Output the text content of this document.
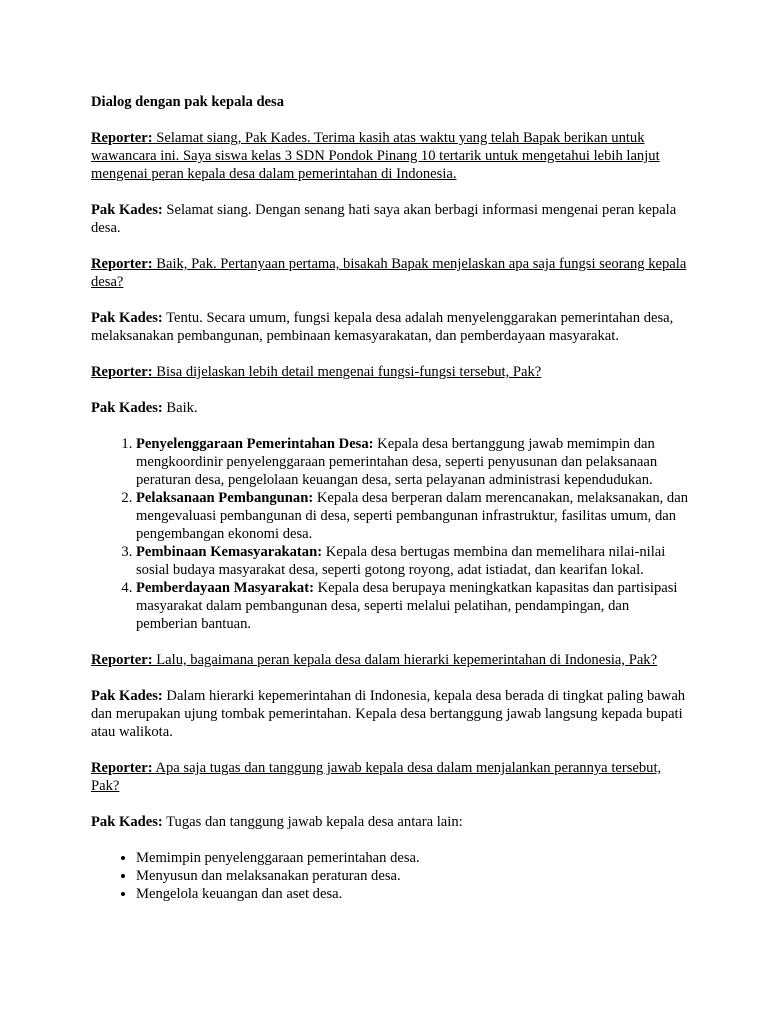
Dialog dengan pak kepala desa

Reporter: Selamat siang, Pak Kades. Terima kasih atas waktu yang telah Bapak berikan untuk wawancara ini. Saya siswa kelas 3 SDN Pondok Pinang 10 tertarik untuk mengetahui lebih lanjut mengenai peran kepala desa dalam pemerintahan di Indonesia.

Pak Kades: Selamat siang. Dengan senang hati saya akan berbagi informasi mengenai peran kepala desa.

Reporter: Baik, Pak. Pertanyaan pertama, bisakah Bapak menjelaskan apa saja fungsi seorang kepala desa?

Pak Kades: Tentu. Secara umum, fungsi kepala desa adalah menyelenggarakan pemerintahan desa, melaksanakan pembangunan, pembinaan kemasyarakatan, dan pemberdayaan masyarakat.

Reporter: Bisa dijelaskan lebih detail mengenai fungsi-fungsi tersebut, Pak?

Pak Kades: Baik.

1. Penyelenggaraan Pemerintahan Desa: Kepala desa bertanggung jawab memimpin dan mengkoordinir penyelenggaraan pemerintahan desa, seperti penyusunan dan pelaksanaan peraturan desa, pengelolaan keuangan desa, serta pelayanan administrasi kependudukan.
2. Pelaksanaan Pembangunan: Kepala desa berperan dalam merencanakan, melaksanakan, dan mengevaluasi pembangunan di desa, seperti pembangunan infrastruktur, fasilitas umum, dan pengembangan ekonomi desa.
3. Pembinaan Kemasyarakatan: Kepala desa bertugas membina dan memelihara nilai-nilai sosial budaya masyarakat desa, seperti gotong royong, adat istiadat, dan kearifan lokal.
4. Pemberdayaan Masyarakat: Kepala desa berupaya meningkatkan kapasitas dan partisipasi masyarakat dalam pembangunan desa, seperti melalui pelatihan, pendampingan, dan pemberian bantuan.

Reporter: Lalu, bagaimana peran kepala desa dalam hierarki kepemerintahan di Indonesia, Pak?

Pak Kades: Dalam hierarki kepemerintahan di Indonesia, kepala desa berada di tingkat paling bawah dan merupakan ujung tombak pemerintahan. Kepala desa bertanggung jawab langsung kepada bupati atau walikota.

Reporter: Apa saja tugas dan tanggung jawab kepala desa dalam menjalankan perannya tersebut, Pak?

Pak Kades: Tugas dan tanggung jawab kepala desa antara lain:

• Memimpin penyelenggaraan pemerintahan desa.
• Menyusun dan melaksanakan peraturan desa.
• Mengelola keuangan dan aset desa.
